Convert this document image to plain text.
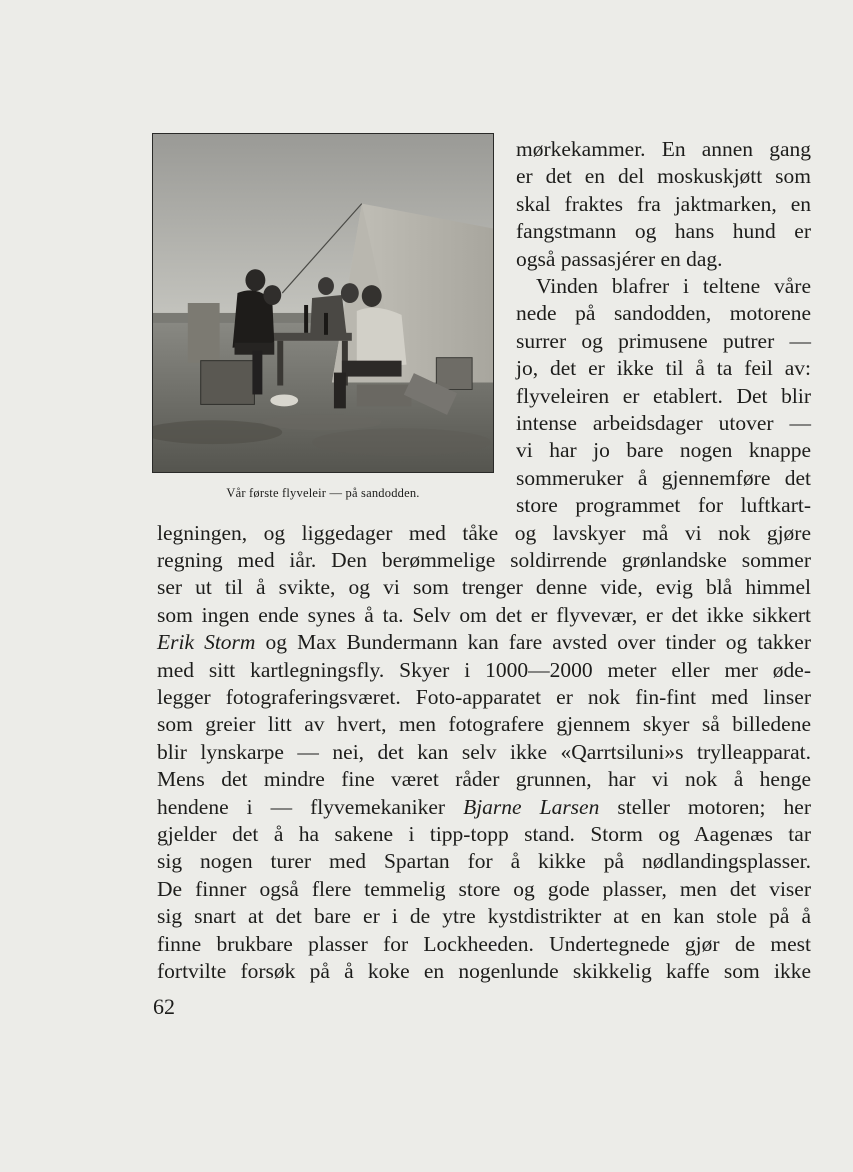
Vår første flyveleir — på sandodden.
mørkekammer. En annen gang
er det en del moskuskjøtt som
skal fraktes fra jaktmarken, en
fangstmann og hans hund er
også passasjérer en dag.
Vinden blafrer i teltene våre
nede på sandodden, motorene
surrer og primusene putrer —
jo, det er ikke til å ta feil av:
flyveleiren er etablert. Det blir
intense arbeidsdager utover —
vi har jo bare nogen knappe
sommeruker å gjennemføre det
store programmet for luftkart-
legningen, og liggedager med tåke og lavskyer må vi nok gjøre
regning med iår. Den berømmelige soldirrende grønlandske sommer
ser ut til å svikte, og vi som trenger denne vide, evig blå himmel
som ingen ende synes å ta. Selv om det er flyvevær, er det ikke sikkert
Erik Storm og Max Bundermann kan fare avsted over tinder og takker
med sitt kartlegningsfly. Skyer i 1000—2000 meter eller mer øde-
legger fotograferingsværet. Foto-apparatet er nok fin-fint med linser
som greier litt av hvert, men fotografere gjennem skyer så billedene
blir lynskarpe — nei, det kan selv ikke «Qarrtsiluni»s trylleapparat.
Mens det mindre fine været råder grunnen, har vi nok å henge
hendene i — flyvemekaniker Bjarne Larsen steller motoren; her
gjelder det å ha sakene i tipp-topp stand. Storm og Aagenæs tar
sig nogen turer med Spartan for å kikke på nødlandingsplasser.
De finner også flere temmelig store og gode plasser, men det viser
sig snart at det bare er i de ytre kystdistrikter at en kan stole på å
finne brukbare plasser for Lockheeden. Undertegnede gjør de mest
fortvilte forsøk på å koke en nogenlunde skikkelig kaffe som ikke
62
